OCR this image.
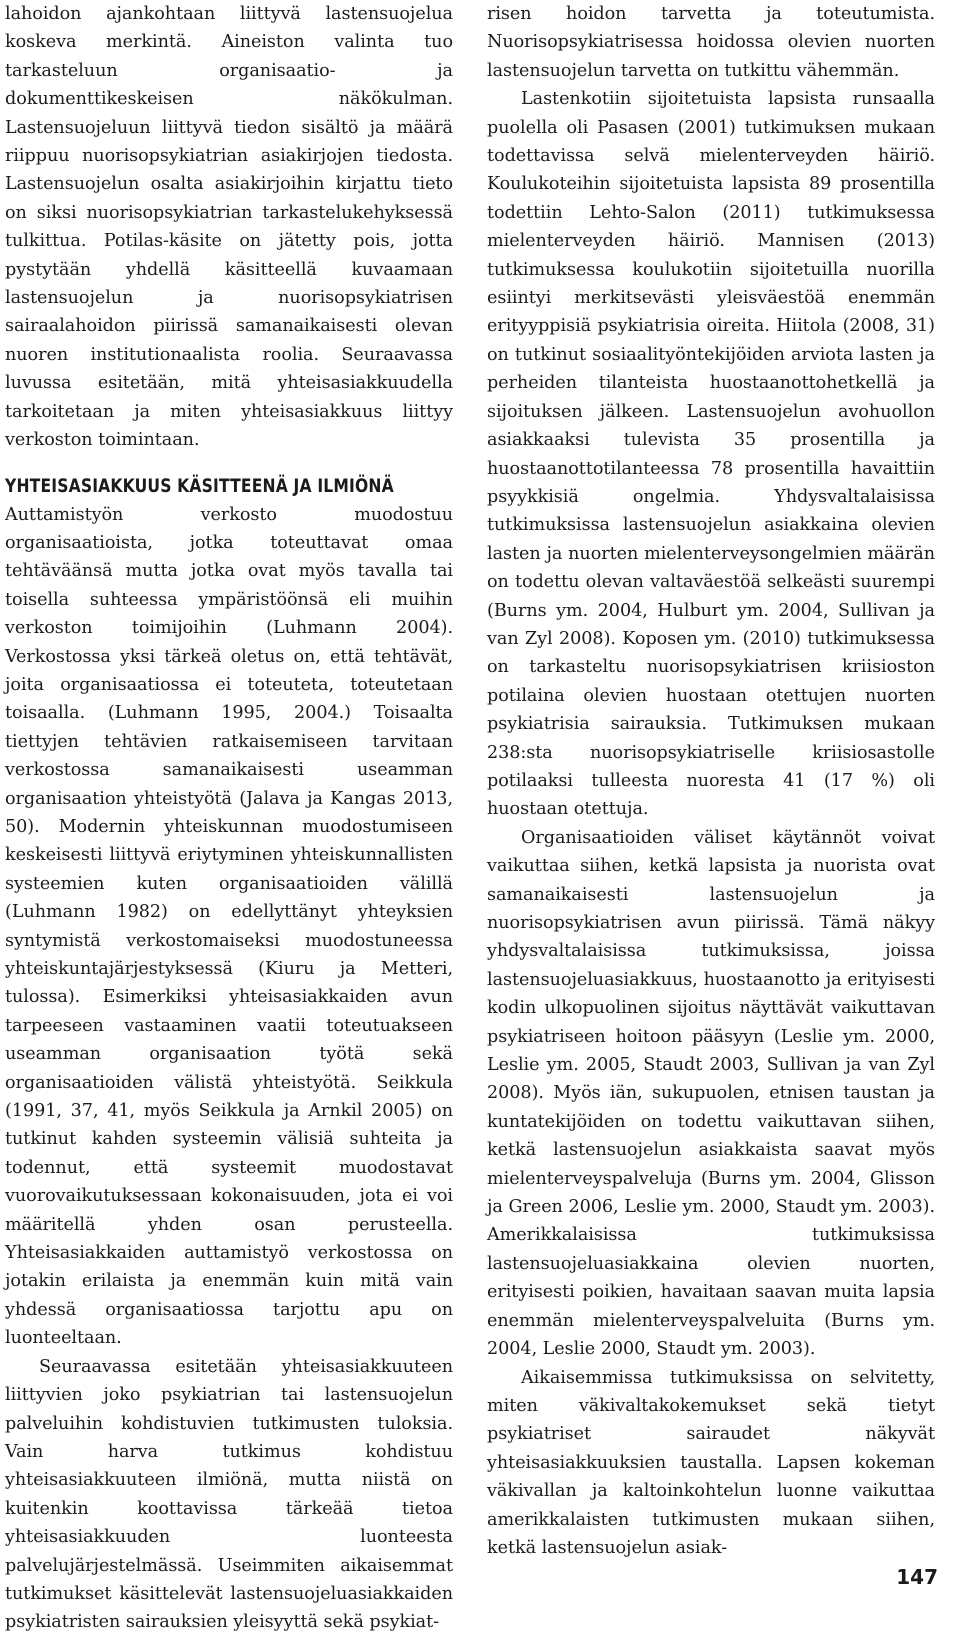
lahoidon ajankohtaan liittyvä lastensuojelua koskeva merkintä. Aineiston valinta tuo tarkasteluun organisaatio- ja dokumenttikeskeisen näkökulman. Lastensuojeluun liittyvä tiedon sisältö ja määrä riippuu nuorisopsykiatrian asiakirjojen tiedosta. Lastensuojelun osalta asiakirjoihin kirjattu tieto on siksi nuorisopsykiatrian tarkastelukehyksessä tulkittua. Potilas-käsite on jätetty pois, jotta pystytään yhdellä käsitteellä kuvaamaan lastensuojelun ja nuorisopsykiatrisen sairaalahoidon piirissä samanaikaisesti olevan nuoren institutionaalista roolia. Seuraavassa luvussa esitetään, mitä yhteisasiakkuudella tarkoitetaan ja miten yhteisasiakkuus liittyy verkoston toimintaan.

YHTEISASIAKKUUS KÄSITTEENÄ JA ILMIÖNÄ

Auttamistyön verkosto muodostuu organisaatioista, jotka toteuttavat omaa tehtäväänsä mutta jotka ovat myös tavalla tai toisella suhteessa ympäristöönsä eli muihin verkoston toimijoihin (Luhmann 2004). Verkostossa yksi tärkeä oletus on, että tehtävät, joita organisaatiossa ei toteuteta, toteutetaan toisaalla. (Luhmann 1995, 2004.) Toisaalta tiettyjen tehtävien ratkaisemiseen tarvitaan verkostossa samanaikaisesti useamman organisaation yhteistyötä (Jalava ja Kangas 2013, 50). Modernin yhteiskunnan muodostumiseen keskeisesti liittyvä eriytyminen yhteiskunnallisten systeemien kuten organisaatioiden välillä (Luhmann 1982) on edellyttänyt yhteyksien syntymistä verkostomaiseksi muodostuneessa yhteiskuntajärjestyksessä (Kiuru ja Metteri, tulossa). Esimerkiksi yhteisasiakkaiden avun tarpeeseen vastaaminen vaatii toteutuakseen useamman organisaation työtä sekä organisaatioiden välistä yhteistyötä. Seikkula (1991, 37, 41, myös Seikkula ja Arnkil 2005) on tutkinut kahden systeemin välisiä suhteita ja todennut, että systeemit muodostavat vuorovaikutuksessaan kokonaisuuden, jota ei voi määritellä yhden osan perusteella. Yhteisasiakkaiden auttamistyö verkostossa on jotakin erilaista ja enemmän kuin mitä vain yhdessä organisaatiossa tarjottu apu on luonteeltaan.

Seuraavassa esitetään yhteisasiakkuuteen liittyvien joko psykiatrian tai lastensuojelun palveluihin kohdistuvien tutkimusten tuloksia. Vain harva tutkimus kohdistuu yhteisasiakkuuteen ilmiönä, mutta niistä on kuitenkin koottavissa tärkeää tietoa yhteisasiakkuuden luonteesta palvelujärjestelmässä. Useimmiten aikaisemmat tutkimukset käsittelevät lastensuojeluasiakkaiden psykiatristen sairauksien yleisyyttä sekä psykiat-

risen hoidon tarvetta ja toteutumista. Nuorisopsykiatrisessa hoidossa olevien nuorten lastensuojelun tarvetta on tutkittu vähemmän.

Lastenkotiin sijoitetuista lapsista runsaalla puolella oli Pasasen (2001) tutkimuksen mukaan todettavissa selvä mielenterveyden häiriö. Koulukoteihin sijoitetuista lapsista 89 prosentilla todettiin Lehto-Salon (2011) tutkimuksessa mielenterveyden häiriö. Mannisen (2013) tutkimuksessa koulukotiin sijoitetuilla nuorilla esiintyi merkitsevästi yleisväestöä enemmän erityyppisiä psykiatrisia oireita. Hiitola (2008, 31) on tutkinut sosiaalityöntekijöiden arviota lasten ja perheiden tilanteista huostaanottohetkellä ja sijoituksen jälkeen. Lastensuojelun avohuollon asiakkaaksi tulevista 35 prosentilla ja huostaanottotilanteessa 78 prosentilla havaittiin psyykkisiä ongelmia. Yhdysvaltalaisissa tutkimuksissa lastensuojelun asiakkaina olevien lasten ja nuorten mielenterveysongelmien määrän on todettu olevan valtaväestöä selkeästi suurempi (Burns ym. 2004, Hulburt ym. 2004, Sullivan ja van Zyl 2008). Koposen ym. (2010) tutkimuksessa on tarkasteltu nuorisopsykiatrisen kriisioston potilaina olevien huostaan otettujen nuorten psykiatrisia sairauksia. Tutkimuksen mukaan 238:sta nuorisopsykiatriselle kriisiosastolle potilaaksi tulleesta nuoresta 41 (17 %) oli huostaan otettuja.

Organisaatioiden väliset käytännöt voivat vaikuttaa siihen, ketkä lapsista ja nuorista ovat samanaikaisesti lastensuojelun ja nuorisopsykiatrisen avun piirissä. Tämä näkyy yhdysvaltalaisissa tutkimuksissa, joissa lastensuojeluasiakkuus, huostaanotto ja erityisesti kodin ulkopuolinen sijoitus näyttävät vaikuttavan psykiatriseen hoitoon pääsyyn (Leslie ym. 2000, Leslie ym. 2005, Staudt 2003, Sullivan ja van Zyl 2008). Myös iän, sukupuolen, etnisen taustan ja kuntatekijöiden on todettu vaikuttavan siihen, ketkä lastensuojelun asiakkaista saavat myös mielenterveyspalveluja (Burns ym. 2004, Glisson ja Green 2006, Leslie ym. 2000, Staudt ym. 2003). Amerikkalaisissa tutkimuksissa lastensuojeluasiakkaina olevien nuorten, erityisesti poikien, havaitaan saavan muita lapsia enemmän mielenterveyspalveluita (Burns ym. 2004, Leslie 2000, Staudt ym. 2003).

Aikaisemmissa tutkimuksissa on selvitetty, miten väkivaltakokemukset sekä tietyt psykiatriset sairaudet näkyvät yhteisasiakkuuksien taustalla. Lapsen kokeman väkivallan ja kaltoinkohtelun luonne vaikuttaa amerikkalaisten tutkimusten mukaan siihen, ketkä lastensuojelun asiak-

147
